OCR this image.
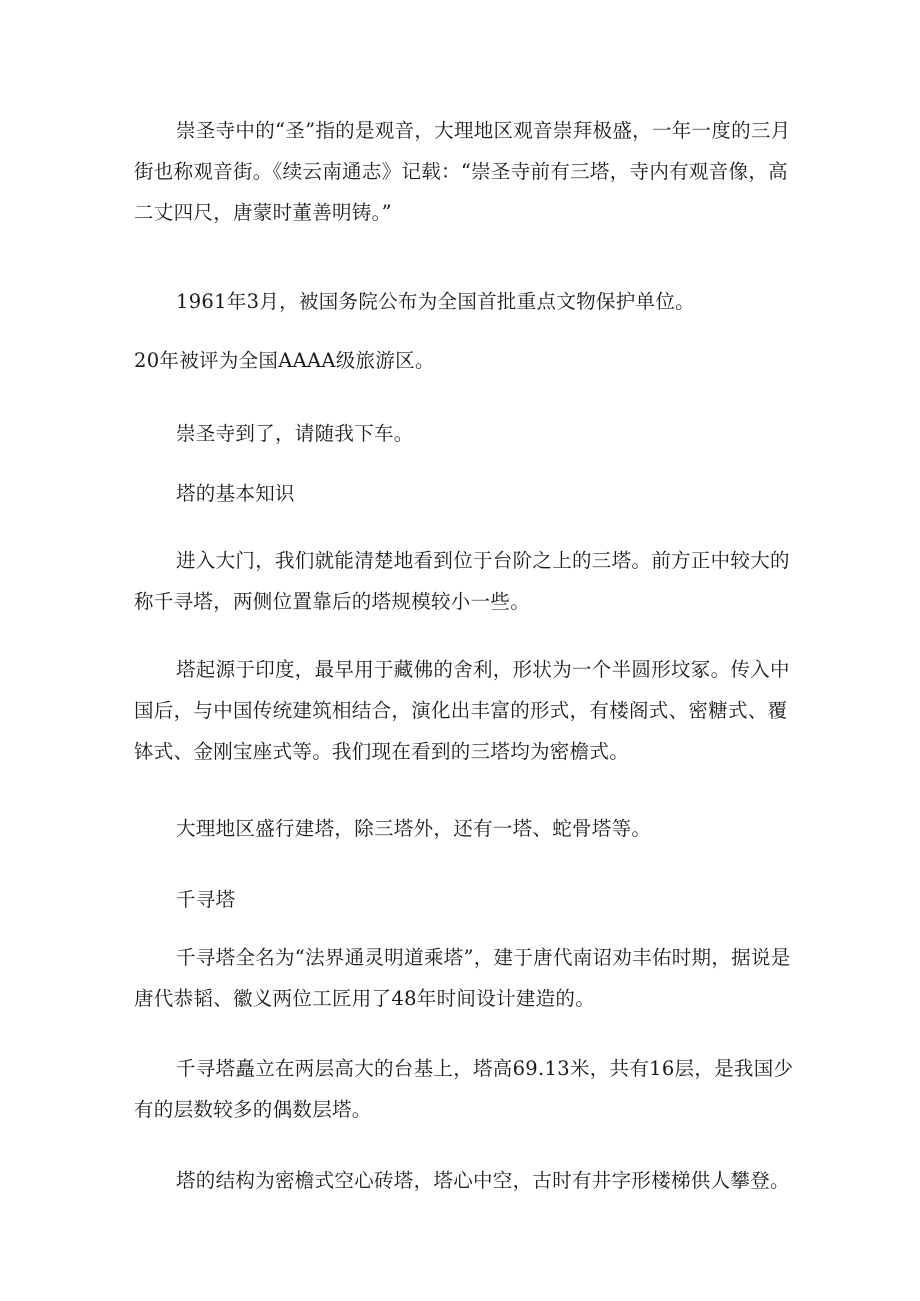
崇圣寺中的“圣”指的是观音，大理地区观音崇拜极盛，一年一度的三月街也称观音街。《续云南通志》记载：“崇圣寺前有三塔，寺内有观音像，高二丈四尺，唐蒙时董善明铸。”

1961年3月，被国务院公布为全国首批重点文物保护单位。

20年被评为全国AAAA级旅游区。

崇圣寺到了，请随我下车。

塔的基本知识

进入大门，我们就能清楚地看到位于台阶之上的三塔。前方正中较大的称千寻塔，两侧位置靠后的塔规模较小一些。

塔起源于印度，最早用于藏佛的舍利，形状为一个半圆形坟冢。传入中国后，与中国传统建筑相结合，演化出丰富的形式，有楼阁式、密糖式、覆钵式、金刚宝座式等。我们现在看到的三塔均为密檐式。

大理地区盛行建塔，除三塔外，还有一塔、蛇骨塔等。

千寻塔

千寻塔全名为“法界通灵明道乘塔”，建于唐代南诏劝丰佑时期，据说是唐代恭韬、徽义两位工匠用了48年时间设计建造的。

千寻塔矗立在两层高大的台基上，塔高69.13米，共有16层，是我国少有的层数较多的偶数层塔。

塔的结构为密檐式空心砖塔，塔心中空，古时有井字形楼梯供人攀登。
